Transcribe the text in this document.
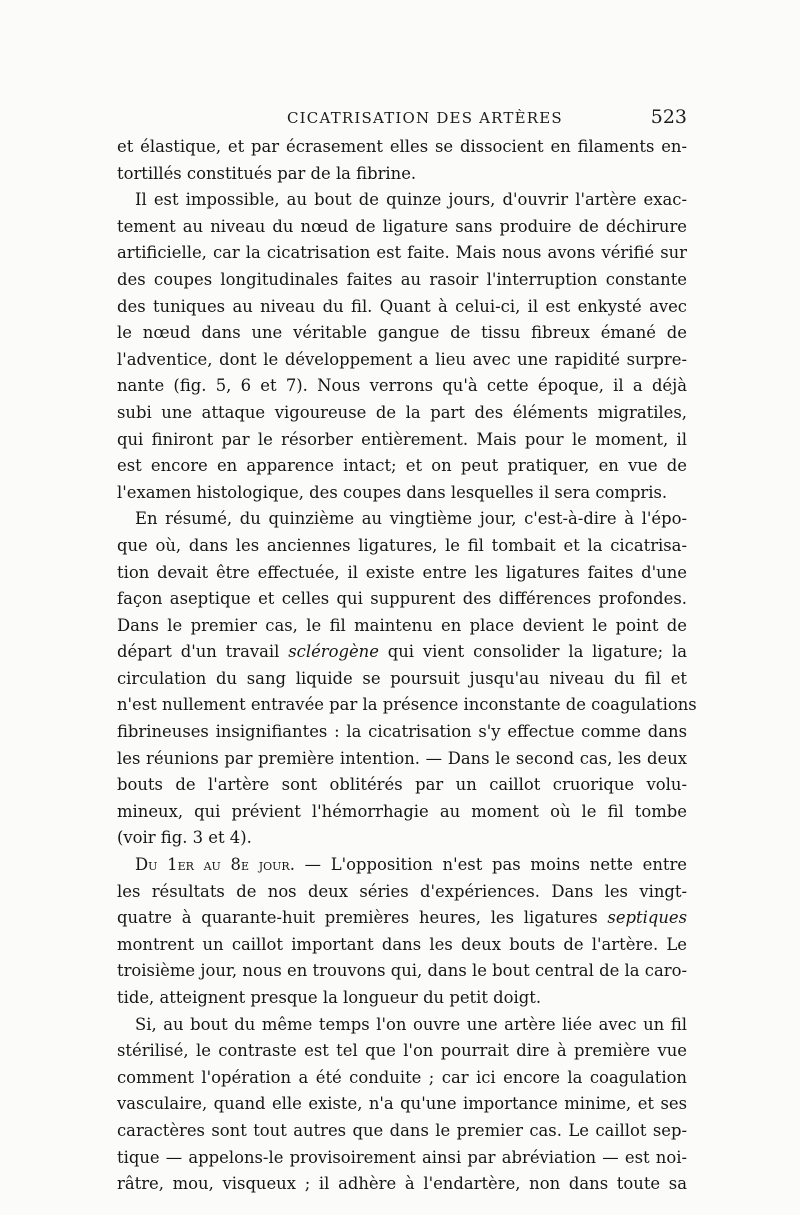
CICATRISATION DES ARTÈRES	523
et élastique, et par écrasement elles se dissocient en filaments en-
tortillés constitués par de la fibrine.
Il est impossible, au bout de quinze jours, d'ouvrir l'artère exac-
tement au niveau du nœud de ligature sans produire de déchirure
artificielle, car la cicatrisation est faite. Mais nous avons vérifié sur
des coupes longitudinales faites au rasoir l'interruption constante
des tuniques au niveau du fil. Quant à celui-ci, il est enkysté avec
le nœud dans une véritable gangue de tissu fibreux émané de
l'adventice, dont le développement a lieu avec une rapidité surpre-
nante (fig. 5, 6 et 7). Nous verrons qu'à cette époque, il a déjà
subi une attaque vigoureuse de la part des éléments migratiles,
qui finiront par le résorber entièrement. Mais pour le moment, il
est encore en apparence intact; et on peut pratiquer, en vue de
l'examen histologique, des coupes dans lesquelles il sera compris.
En résumé, du quinzième au vingtième jour, c'est-à-dire à l'épo-
que où, dans les anciennes ligatures, le fil tombait et la cicatrisa-
tion devait être effectuée, il existe entre les ligatures faites d'une
façon aseptique et celles qui suppurent des différences profondes.
Dans le premier cas, le fil maintenu en place devient le point de
départ d'un travail sclérogène qui vient consolider la ligature; la
circulation du sang liquide se poursuit jusqu'au niveau du fil et
n'est nullement entravée par la présence inconstante de coagulations
fibrineuses insignifiantes : la cicatrisation s'y effectue comme dans
les réunions par première intention. — Dans le second cas, les deux
bouts de l'artère sont oblitérés par un caillot cruorique volu-
mineux, qui prévient l'hémorrhagie au moment où le fil tombe
(voir fig. 3 et 4).
Du 1er au 8e jour. — L'opposition n'est pas moins nette entre
les résultats de nos deux séries d'expériences. Dans les vingt-
quatre à quarante-huit premières heures, les ligatures septiques
montrent un caillot important dans les deux bouts de l'artère. Le
troisième jour, nous en trouvons qui, dans le bout central de la caro-
tide, atteignent presque la longueur du petit doigt.
Si, au bout du même temps l'on ouvre une artère liée avec un fil
stérilisé, le contraste est tel que l'on pourrait dire à première vue
comment l'opération a été conduite ; car ici encore la coagulation
vasculaire, quand elle existe, n'a qu'une importance minime, et ses
caractères sont tout autres que dans le premier cas. Le caillot sep-
tique — appelons-le provisoirement ainsi par abréviation — est noi-
râtre, mou, visqueux ; il adhère à l'endartère, non dans toute sa
